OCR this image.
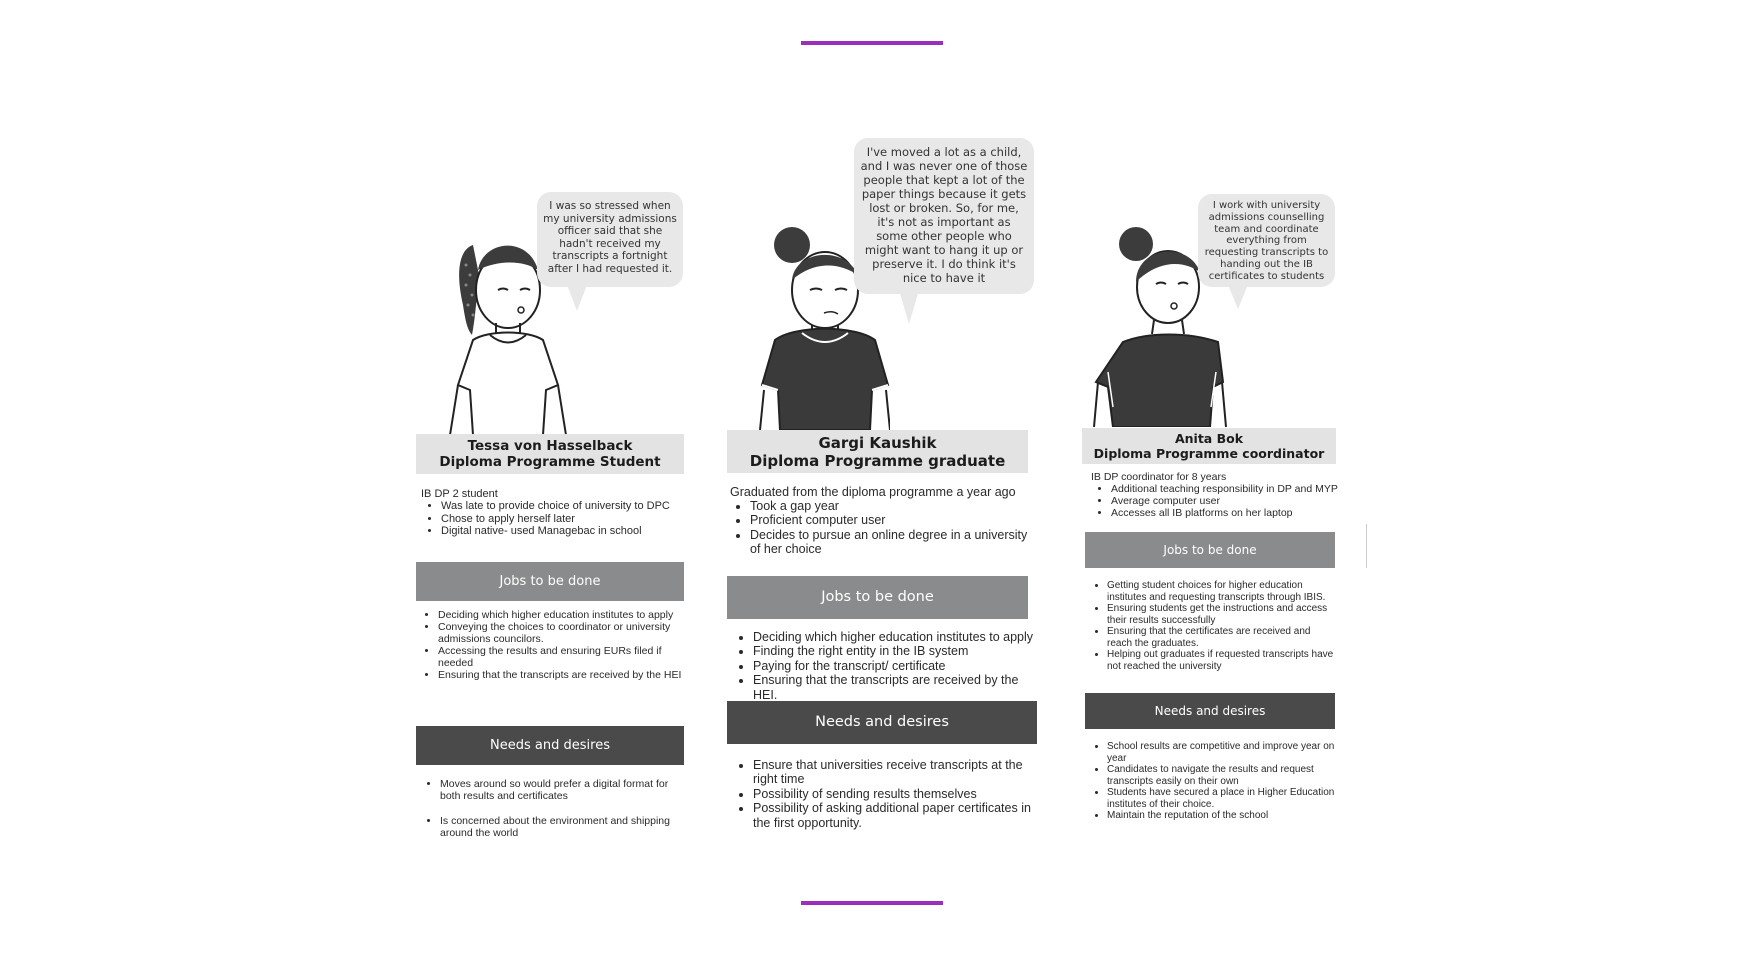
I was so stressed when my university admissions officer said that she hadn't received my transcripts a fortnight after I had requested it.
Tessa von Hasselback
Diploma Programme Student
IB DP 2 student
• Was late to provide choice of university to DPC
• Chose to apply herself later
• Digital native- used Managebac in school
Jobs to be done
• Deciding which higher education institutes to apply
• Conveying the choices to coordinator or university admissions councilors.
• Accessing the results and ensuring EURs filed if needed
• Ensuring that the transcripts are received by the HEI
Needs and desires
• Moves around so would prefer a digital format for both results and certificates
• Is concerned about the environment and shipping around the world
I've moved a lot as a child, and I was never one of those people that kept a lot of the paper things because it gets lost or broken. So, for me, it's not as important as some other people who might want to hang it up or preserve it. I do think it's nice to have it
Gargi Kaushik
Diploma Programme graduate
Graduated from the diploma programme a year ago
• Took a gap year
• Proficient computer user
• Decides to pursue an online degree in a university of her choice
Jobs to be done
• Deciding which higher education institutes to apply
• Finding the right entity in the IB system
• Paying for the transcript/ certificate
• Ensuring that the transcripts are received by the HEI.
Needs and desires
• Ensure that universities receive transcripts at the right time
• Possibility of sending results themselves
• Possibility of asking additional paper certificates in the first opportunity.
I work with university admissions counselling team and coordinate everything from requesting transcripts to handing out the IB certificates to students
Anita Bok
Diploma Programme coordinator
IB DP coordinator for 8 years
• Additional teaching responsibility in DP and MYP
• Average computer user
• Accesses all IB platforms on her laptop
Jobs to be done
• Getting student choices for higher education institutes and requesting transcripts through IBIS.
• Ensuring students get the instructions and access their results successfully
• Ensuring that the certificates are received and reach the graduates.
• Helping out graduates if requested transcripts have not reached the university
Needs and desires
• School results are competitive and improve year on year
• Candidates to navigate the results and request transcripts easily on their own
• Students have secured a place in Higher Education institutes of their choice.
• Maintain the reputation of the school
